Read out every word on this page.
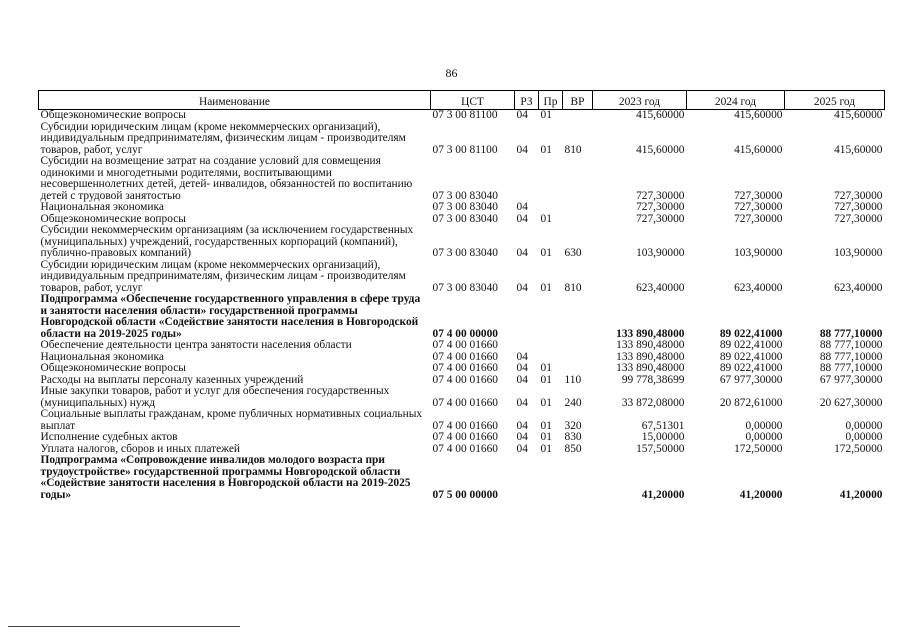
86
Наименование	ЦСТ	РЗ	Пр	ВР	2023 год	2024 год	2025 год
Общеэкономические вопросы	07 3 00 81100	04	01		415,60000	415,60000	415,60000
Субсидии юридическим лицам (кроме некоммерческих организаций), индивидуальным предпринимателям, физическим лицам - производителям товаров, работ, услуг	07 3 00 81100	04	01	810	415,60000	415,60000	415,60000
Субсидии на возмещение затрат на создание условий для совмещения одинокими и многодетными родителями, воспитывающими несовершеннолетних детей, детей- инвалидов, обязанностей по воспитанию детей с трудовой занятостью	07 3 00 83040				727,30000	727,30000	727,30000
Национальная экономика	07 3 00 83040	04			727,30000	727,30000	727,30000
Общеэкономические вопросы	07 3 00 83040	04	01		727,30000	727,30000	727,30000
Субсидии некоммерческим организациям (за исключением государственных (муниципальных) учреждений, государственных корпораций (компаний), публично-правовых компаний)	07 3 00 83040	04	01	630	103,90000	103,90000	103,90000
Субсидии юридическим лицам (кроме некоммерческих организаций), индивидуальным предпринимателям, физическим лицам - производителям товаров, работ, услуг	07 3 00 83040	04	01	810	623,40000	623,40000	623,40000
Подпрограмма «Обеспечение государственного управления в сфере труда и занятости населения области» государственной программы Новгородской области «Содействие занятости населения в Новгородской области на 2019-2025 годы»	07 4 00 00000				133 890,48000	89 022,41000	88 777,10000
Обеспечение деятельности центра занятости населения области	07 4 00 01660				133 890,48000	89 022,41000	88 777,10000
Национальная экономика	07 4 00 01660	04			133 890,48000	89 022,41000	88 777,10000
Общеэкономические вопросы	07 4 00 01660	04	01		133 890,48000	89 022,41000	88 777,10000
Расходы на выплаты персоналу казенных учреждений	07 4 00 01660	04	01	110	99 778,38699	67 977,30000	67 977,30000
Иные закупки товаров, работ и услуг для обеспечения государственных (муниципальных) нужд	07 4 00 01660	04	01	240	33 872,08000	20 872,61000	20 627,30000
Социальные выплаты гражданам, кроме публичных нормативных социальных выплат	07 4 00 01660	04	01	320	67,51301	0,00000	0,00000
Исполнение судебных актов	07 4 00 01660	04	01	830	15,00000	0,00000	0,00000
Уплата налогов, сборов и иных платежей	07 4 00 01660	04	01	850	157,50000	172,50000	172,50000
Подпрограмма «Сопровождение инвалидов молодого возраста при трудоустройстве» государственной программы Новгородской области «Содействие занятости населения в Новгородской области на 2019-2025 годы»	07 5 00 00000				41,20000	41,20000	41,20000
